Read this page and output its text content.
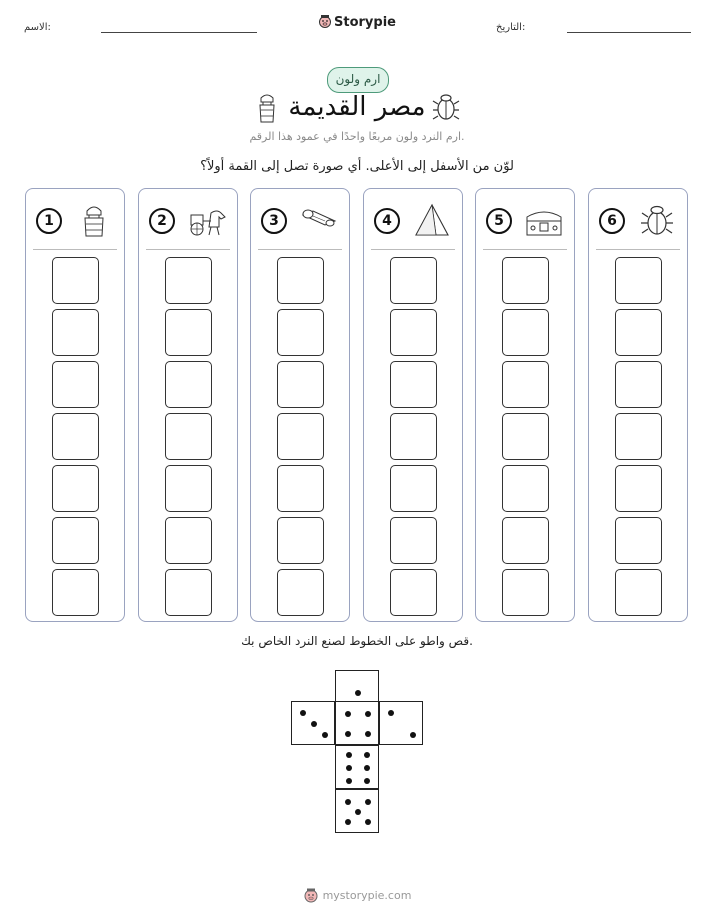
الاسم:	Storypie	التاريخ:
ارم ولون
مصر القديمة
ارم النرد ولون مربعًا واحدًا في عمود هذا الرقم.
لوّن من الأسفل إلى الأعلى. أي صورة تصل إلى القمة أولاً؟
1	2	3	4	5	6
قص واطو على الخطوط لصنع النرد الخاص بك.
mystorypie.com
